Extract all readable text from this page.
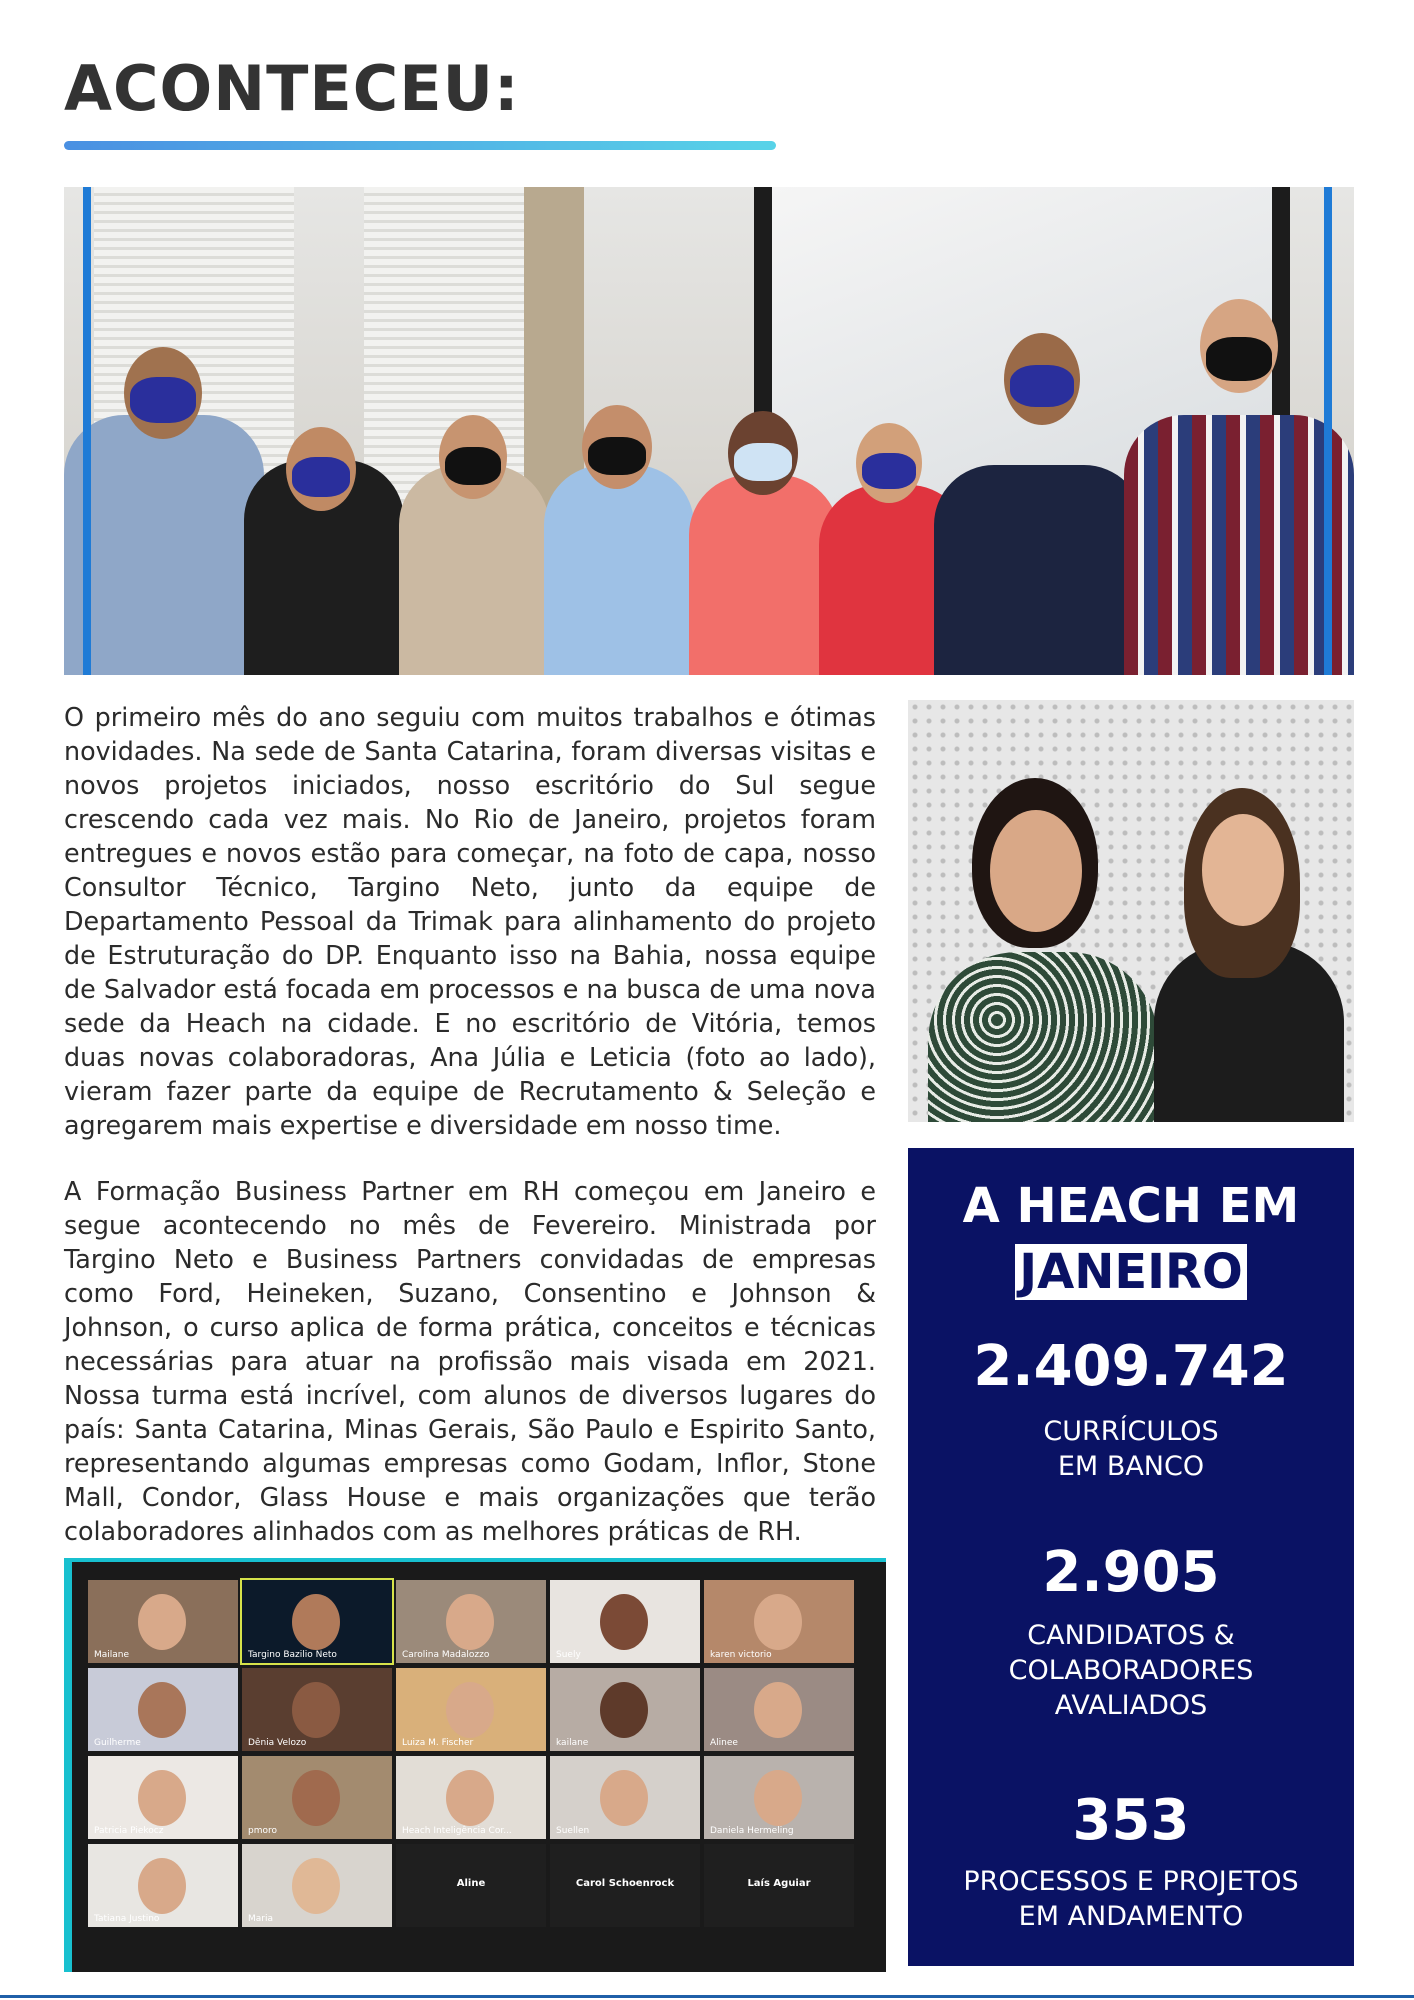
ACONTECEU:

O primeiro mês do ano seguiu com muitos trabalhos e ótimas novidades. Na sede de Santa Catarina, foram diversas visitas e novos projetos iniciados, nosso escritório do Sul segue crescendo cada vez mais. No Rio de Janeiro, projetos foram entregues e novos estão para começar, na foto de capa, nosso Consultor Técnico, Targino Neto, junto da equipe de Departamento Pessoal da Trimak para alinhamento do projeto de Estruturação do DP. Enquanto isso na Bahia, nossa equipe de Salvador está focada em processos e na busca de uma nova sede da Heach na cidade. E no escritório de Vitória, temos duas novas colaboradoras, Ana Júlia e Leticia (foto ao lado), vieram fazer parte da equipe de Recrutamento & Seleção e agregarem mais expertise e diversidade em nosso time.

A Formação Business Partner em RH começou em Janeiro e segue acontecendo no mês de Fevereiro. Ministrada por Targino Neto e Business Partners convidadas de empresas como Ford, Heineken, Suzano, Consentino e Johnson & Johnson, o curso aplica de forma prática, conceitos e técnicas necessárias para atuar na profissão mais visada em 2021. Nossa turma está incrível, com alunos de diversos lugares do país: Santa Catarina, Minas Gerais, São Paulo e Espirito Santo, representando algumas empresas como Godam, Inflor, Stone Mall, Condor, Glass House e mais organizações que terão colaboradores alinhados com as melhores práticas de RH.

Mailane	Targino Bazilio Neto	Carolina Madalozzo	Suely	karen victorio
Guilherme	Dênia Velozo	Luiza M. Fischer	kailane	Alinee
Patricia Piekocz	pmoro	Heach Inteligência Cor...	Suellen	Daniela Hermeling
Tatiana Justino	Maria
Aline	Carol Schoenrock	Laís Aguiar
A HEACH EM
JANEIRO
2.409.742
CURRÍCULOS
EM BANCO
2.905
CANDIDATOS &
COLABORADORES
AVALIADOS
353
PROCESSOS E PROJETOS
EM ANDAMENTO
